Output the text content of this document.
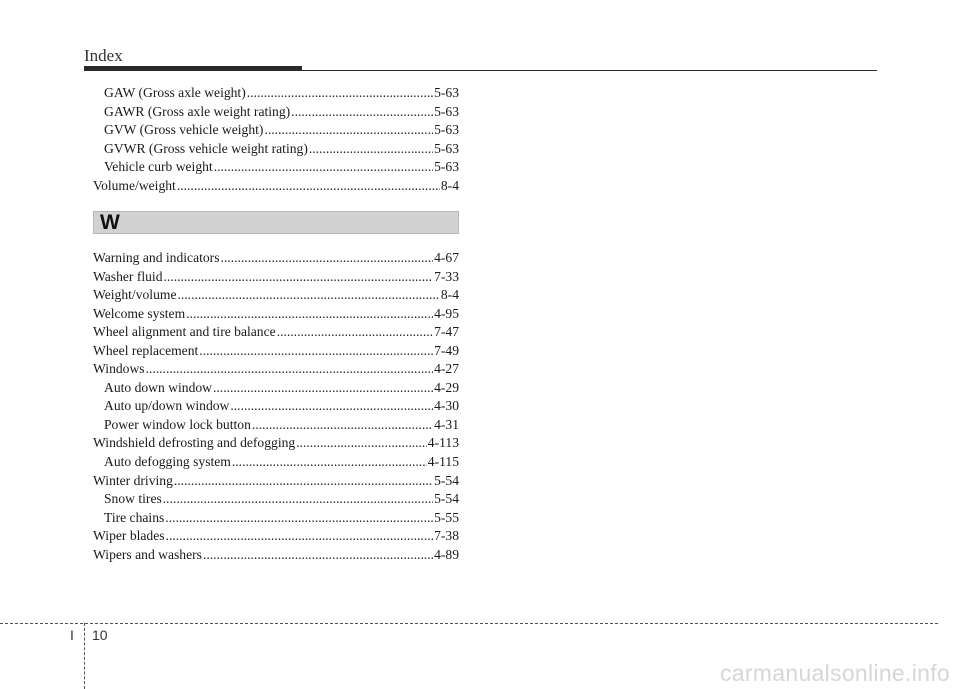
Index
GAW (Gross axle weight) .....	5-63
GAWR (Gross axle weight rating) .....	5-63
GVW (Gross vehicle weight) .....	5-63
GVWR (Gross vehicle weight rating) .....	5-63
Vehicle curb weight .....	5-63
Volume/weight .....	8-4
W
Warning and indicators .....	4-67
Washer fluid .....	7-33
Weight/volume .....	8-4
Welcome system .....	4-95
Wheel alignment and tire balance .....	7-47
Wheel replacement .....	7-49
Windows .....	4-27
Auto down window .....	4-29
Auto up/down window .....	4-30
Power window lock button .....	4-31
Windshield defrosting and defogging .....	4-113
Auto defogging system .....	4-115
Winter driving .....	5-54
Snow tires .....	5-54
Tire chains .....	5-55
Wiper blades .....	7-38
Wipers and washers .....	4-89
I 10
carmanualsonline.info
